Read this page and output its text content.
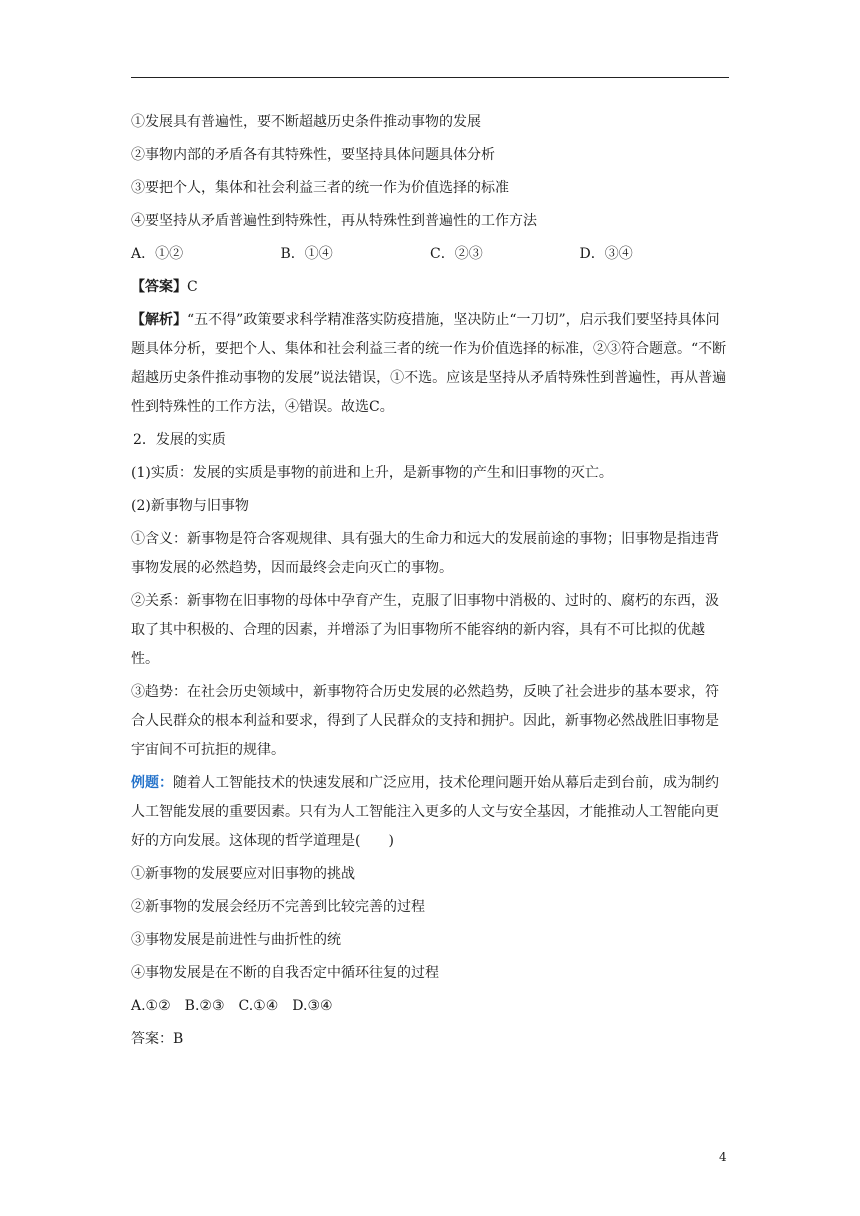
①发展具有普遍性，要不断超越历史条件推动事物的发展

②事物内部的矛盾各有其特殊性，要坚持具体问题具体分析

③要把个人，集体和社会利益三者的统一作为价值选择的标准

④要坚持从矛盾普遍性到特殊性，再从特殊性到普遍性的工作方法

A．①②	B．①④	C．②③	D．③④

【答案】C

【解析】“五不得”政策要求科学精准落实防疫措施，坚决防止“一刀切”，启示我们要坚持具体问题具体分析，要把个人、集体和社会利益三者的统一作为价值选择的标准，②③符合题意。“不断超越历史条件推动事物的发展”说法错误，①不选。应该是坚持从矛盾特殊性到普遍性，再从普遍性到特殊性的工作方法，④错误。故选C。

2．发展的实质

(1)实质：发展的实质是事物的前进和上升，是新事物的产生和旧事物的灭亡。

(2)新事物与旧事物

①含义：新事物是符合客观规律、具有强大的生命力和远大的发展前途的事物；旧事物是指违背事物发展的必然趋势，因而最终会走向灭亡的事物。

②关系：新事物在旧事物的母体中孕育产生，克服了旧事物中消极的、过时的、腐朽的东西，汲取了其中积极的、合理的因素，并增添了为旧事物所不能容纳的新内容，具有不可比拟的优越性。

③趋势：在社会历史领域中，新事物符合历史发展的必然趋势，反映了社会进步的基本要求，符合人民群众的根本利益和要求，得到了人民群众的支持和拥护。因此，新事物必然战胜旧事物是宇宙间不可抗拒的规律。

例题：随着人工智能技术的快速发展和广泛应用，技术伦理问题开始从幕后走到台前，成为制约人工智能发展的重要因素。只有为人工智能注入更多的人文与安全基因，才能推动人工智能向更好的方向发展。这体现的哲学道理是(　　)

①新事物的发展要应对旧事物的挑战

②新事物的发展会经历不完善到比较完善的过程

③事物发展是前进性与曲折性的统

④事物发展是在不断的自我否定中循环往复的过程

A.①②　B.②③　C.①④　D.③④

答案：B

4
